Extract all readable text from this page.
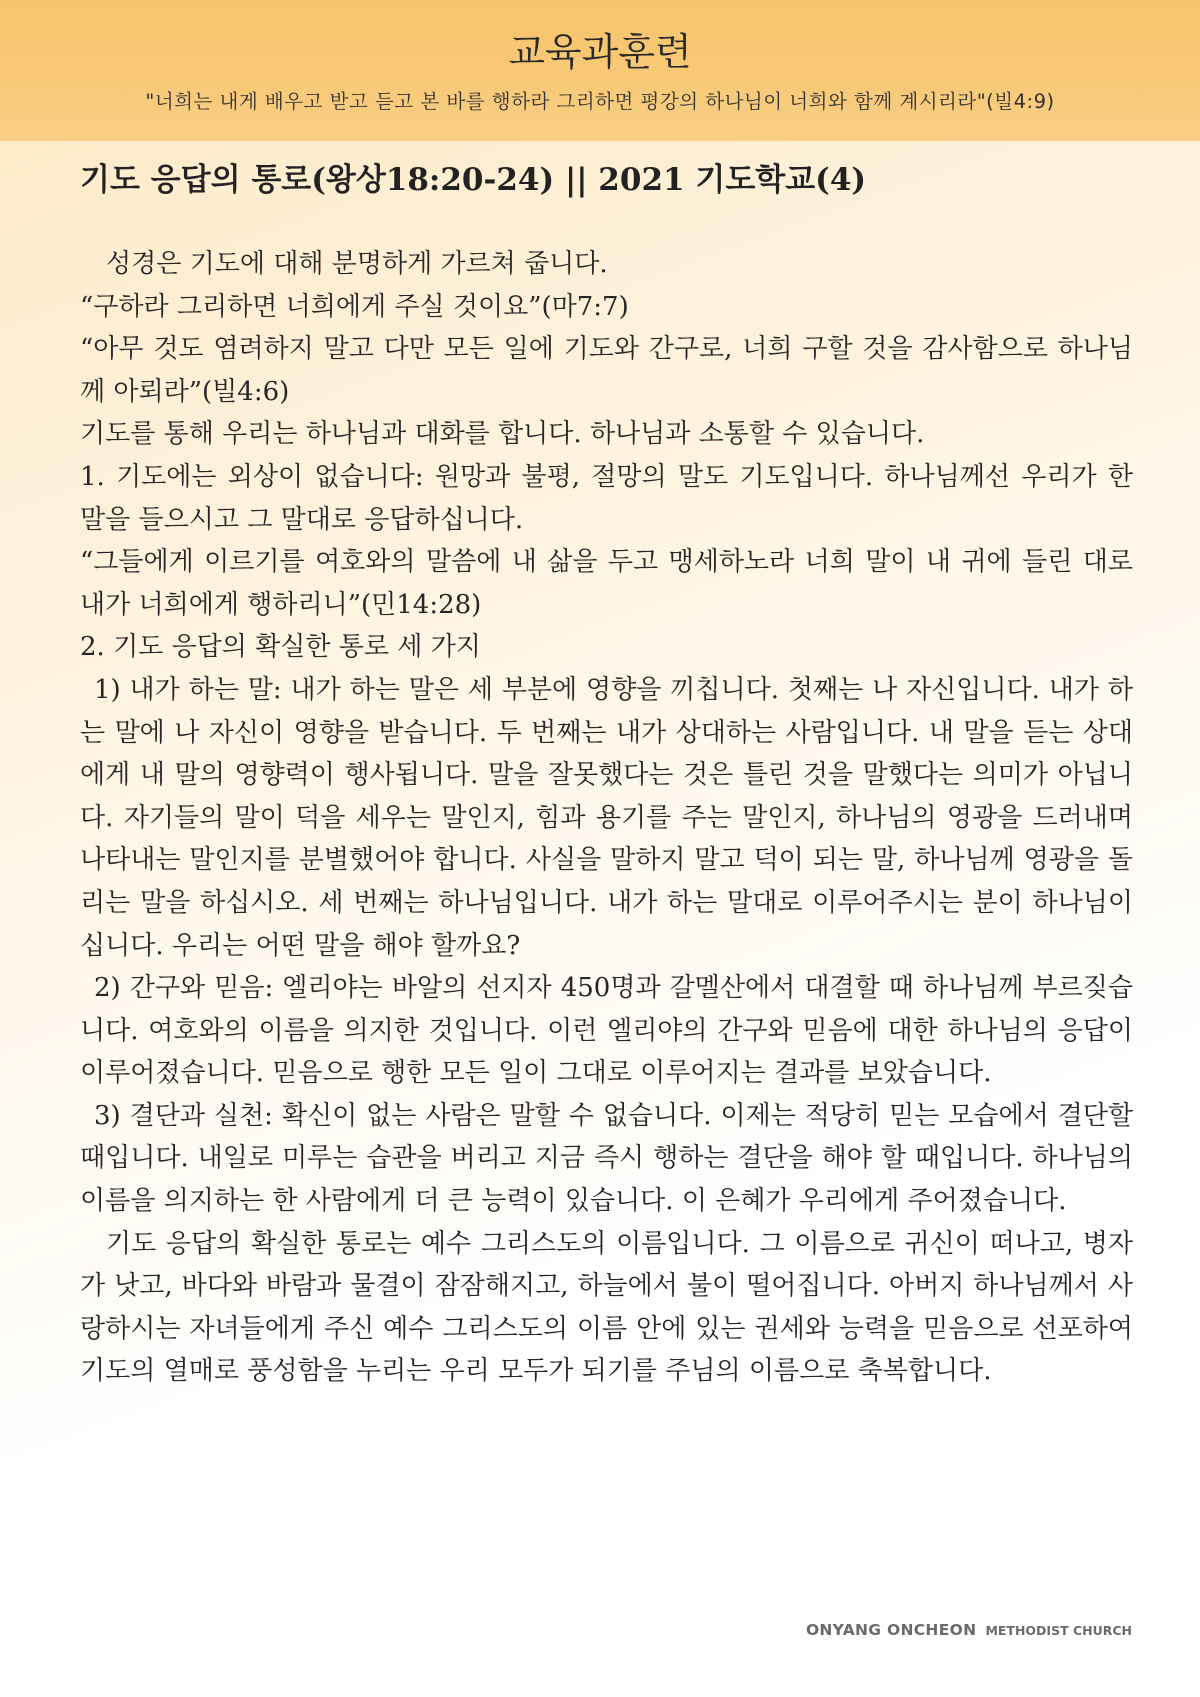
교육과훈련
"너희는 내게 배우고 받고 듣고 본 바를 행하라 그리하면 평강의 하나님이 너희와 함께 계시리라"(빌4:9)
기도 응답의 통로(왕상18:20-24) || 2021 기도학교(4)

성경은 기도에 대해 분명하게 가르쳐 줍니다.

“구하라 그리하면 너희에게 주실 것이요”(마7:7)

“아무 것도 염려하지 말고 다만 모든 일에 기도와 간구로, 너희 구할 것을 감사함으로 하나님께 아뢰라”(빌4:6)

기도를 통해 우리는 하나님과 대화를 합니다. 하나님과 소통할 수 있습니다.

1. 기도에는 외상이 없습니다: 원망과 불평, 절망의 말도 기도입니다. 하나님께선 우리가 한 말을 들으시고 그 말대로 응답하십니다.

“그들에게 이르기를 여호와의 말씀에 내 삶을 두고 맹세하노라 너희 말이 내 귀에 들린 대로 내가 너희에게 행하리니”(민14:28)

2. 기도 응답의 확실한 통로 세 가지

1) 내가 하는 말: 내가 하는 말은 세 부분에 영향을 끼칩니다. 첫째는 나 자신입니다. 내가 하는 말에 나 자신이 영향을 받습니다. 두 번째는 내가 상대하는 사람입니다. 내 말을 듣는 상대에게 내 말의 영향력이 행사됩니다. 말을 잘못했다는 것은 틀린 것을 말했다는 의미가 아닙니다. 자기들의 말이 덕을 세우는 말인지, 힘과 용기를 주는 말인지, 하나님의 영광을 드러내며 나타내는 말인지를 분별했어야 합니다. 사실을 말하지 말고 덕이 되는 말, 하나님께 영광을 돌리는 말을 하십시오. 세 번째는 하나님입니다. 내가 하는 말대로 이루어주시는 분이 하나님이십니다. 우리는 어떤 말을 해야 할까요?

2) 간구와 믿음: 엘리야는 바알의 선지자 450명과 갈멜산에서 대결할 때 하나님께 부르짖습니다. 여호와의 이름을 의지한 것입니다. 이런 엘리야의 간구와 믿음에 대한 하나님의 응답이 이루어졌습니다. 믿음으로 행한 모든 일이 그대로 이루어지는 결과를 보았습니다.

3) 결단과 실천: 확신이 없는 사람은 말할 수 없습니다. 이제는 적당히 믿는 모습에서 결단할 때입니다. 내일로 미루는 습관을 버리고 지금 즉시 행하는 결단을 해야 할 때입니다. 하나님의 이름을 의지하는 한 사람에게 더 큰 능력이 있습니다. 이 은혜가 우리에게 주어졌습니다.

기도 응답의 확실한 통로는 예수 그리스도의 이름입니다. 그 이름으로 귀신이 떠나고, 병자가 낫고, 바다와 바람과 물결이 잠잠해지고, 하늘에서 불이 떨어집니다. 아버지 하나님께서 사랑하시는 자녀들에게 주신 예수 그리스도의 이름 안에 있는 권세와 능력을 믿음으로 선포하여 기도의 열매로 풍성함을 누리는 우리 모두가 되기를 주님의 이름으로 축복합니다.

ONYANG ONCHEON METHODIST CHURCH
